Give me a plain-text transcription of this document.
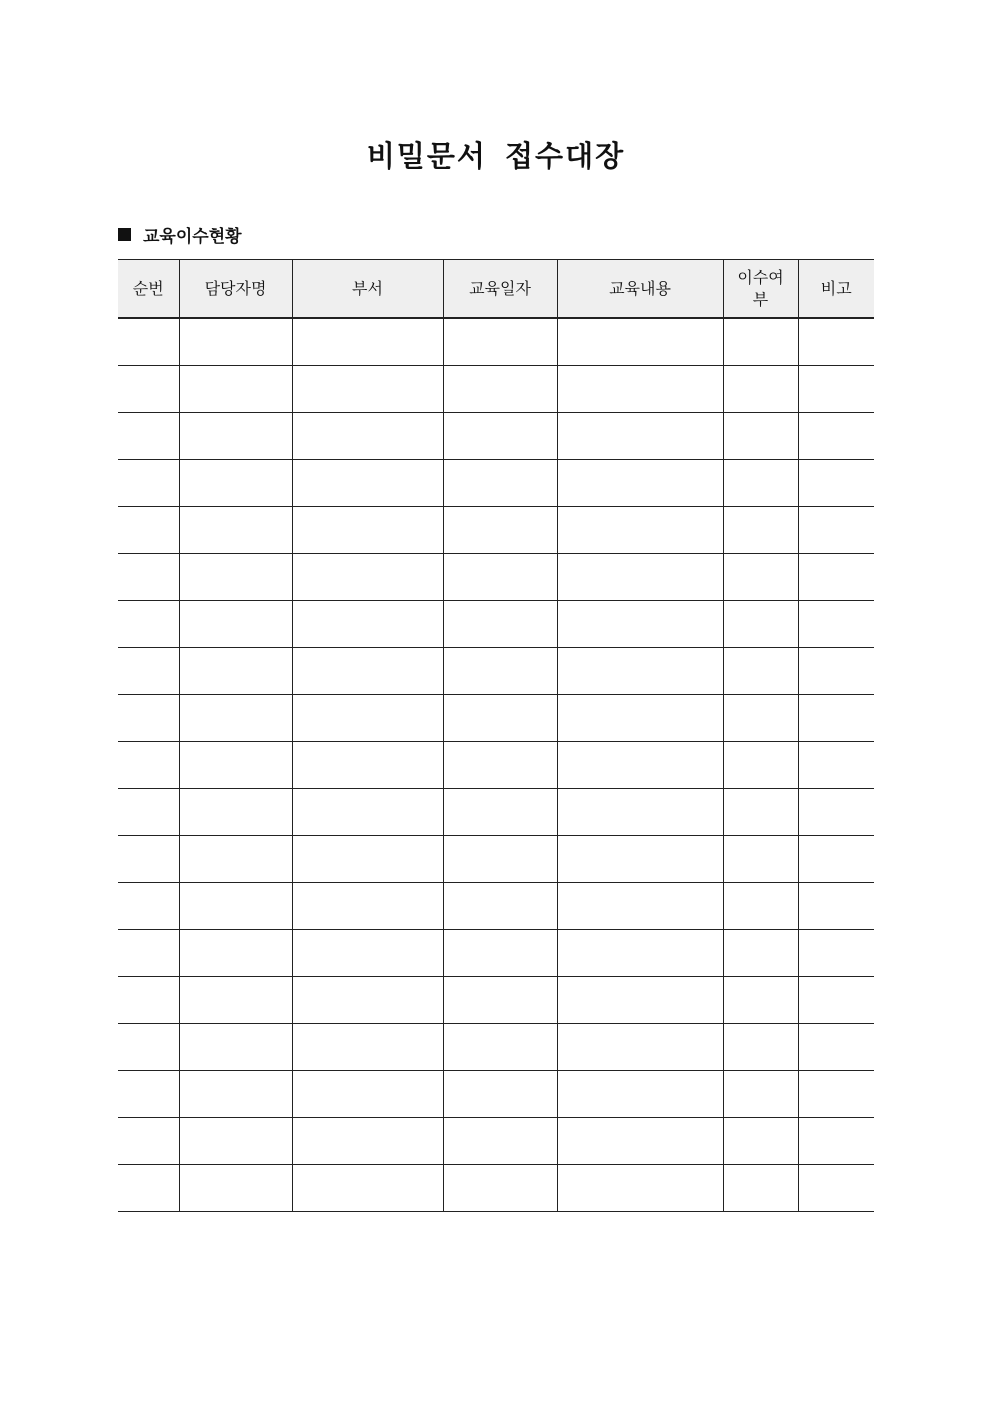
비밀문서 접수대장
교육이수현황
순번	담당자명	부서	교육일자	교육내용	이수여부	비고
